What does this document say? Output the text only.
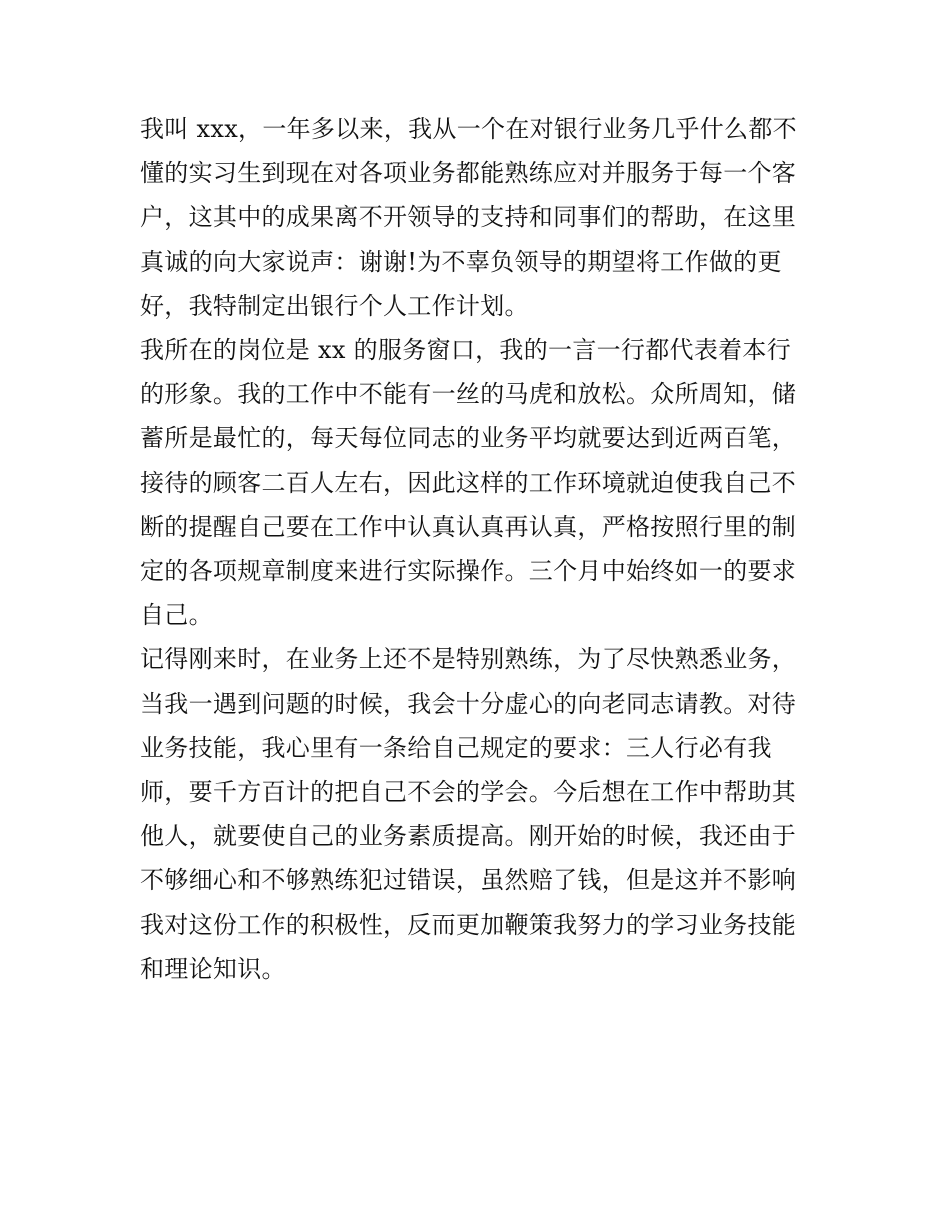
我叫 xxx，一年多以来，我从一个在对银行业务几乎什么都不
懂的实习生到现在对各项业务都能熟练应对并服务于每一个客
户，这其中的成果离不开领导的支持和同事们的帮助，在这里
真诚的向大家说声：谢谢!为不辜负领导的期望将工作做的更
好，我特制定出银行个人工作计划。
我所在的岗位是 xx 的服务窗口，我的一言一行都代表着本行
的形象。我的工作中不能有一丝的马虎和放松。众所周知，储
蓄所是最忙的，每天每位同志的业务平均就要达到近两百笔，
接待的顾客二百人左右，因此这样的工作环境就迫使我自己不
断的提醒自己要在工作中认真认真再认真，严格按照行里的制
定的各项规章制度来进行实际操作。三个月中始终如一的要求
自己。
记得刚来时，在业务上还不是特别熟练，为了尽快熟悉业务，
当我一遇到问题的时候，我会十分虚心的向老同志请教。对待
业务技能，我心里有一条给自己规定的要求：三人行必有我
师，要千方百计的把自己不会的学会。今后想在工作中帮助其
他人，就要使自己的业务素质提高。刚开始的时候，我还由于
不够细心和不够熟练犯过错误，虽然赔了钱，但是这并不影响
我对这份工作的积极性，反而更加鞭策我努力的学习业务技能
和理论知识。
